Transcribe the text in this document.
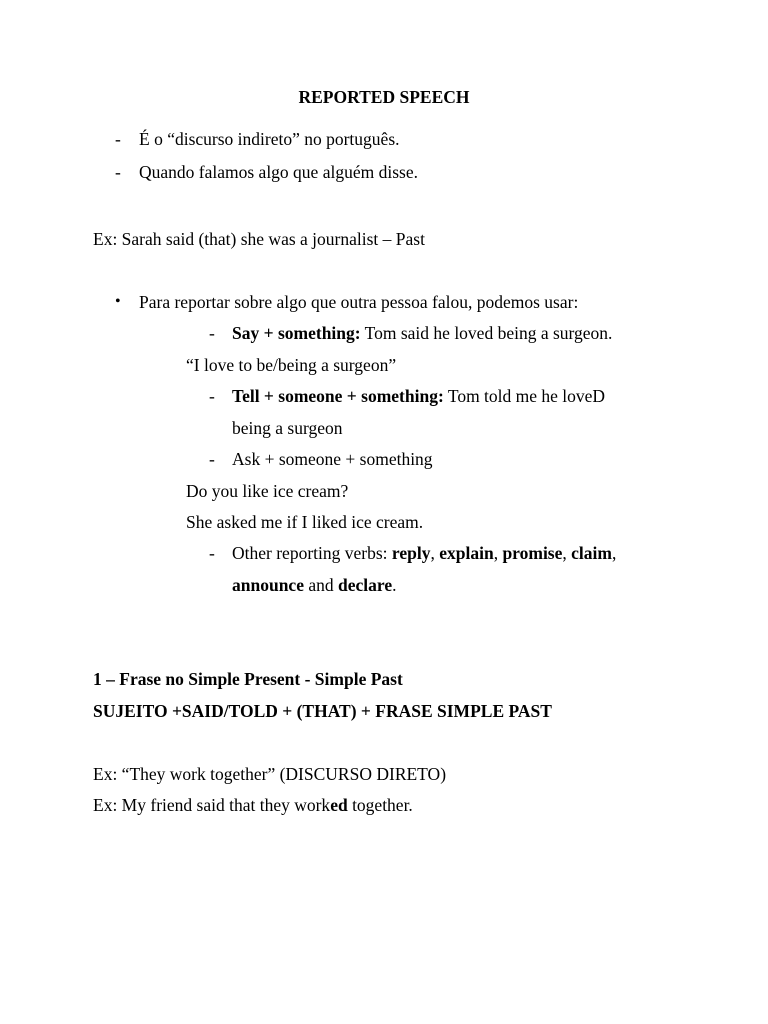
REPORTED SPEECH
- É o “discurso indireto” no português.
- Quando falamos algo que alguém disse.
Ex: Sarah said (that) she was a journalist – Past
• Para reportar sobre algo que outra pessoa falou, podemos usar:
- Say + something: Tom said he loved being a surgeon.
“I love to be/being a surgeon”
- Tell + someone + something: Tom told me he loveD
being a surgeon
- Ask + someone + something
Do you like ice cream?
She asked me if I liked ice cream.
- Other reporting verbs: reply, explain, promise, claim,
announce and declare.
1 – Frase no Simple Present - Simple Past
SUJEITO +SAID/TOLD + (THAT) + FRASE SIMPLE PAST
Ex: “They work together” (DISCURSO DIRETO)
Ex: My friend said that they worked together.
